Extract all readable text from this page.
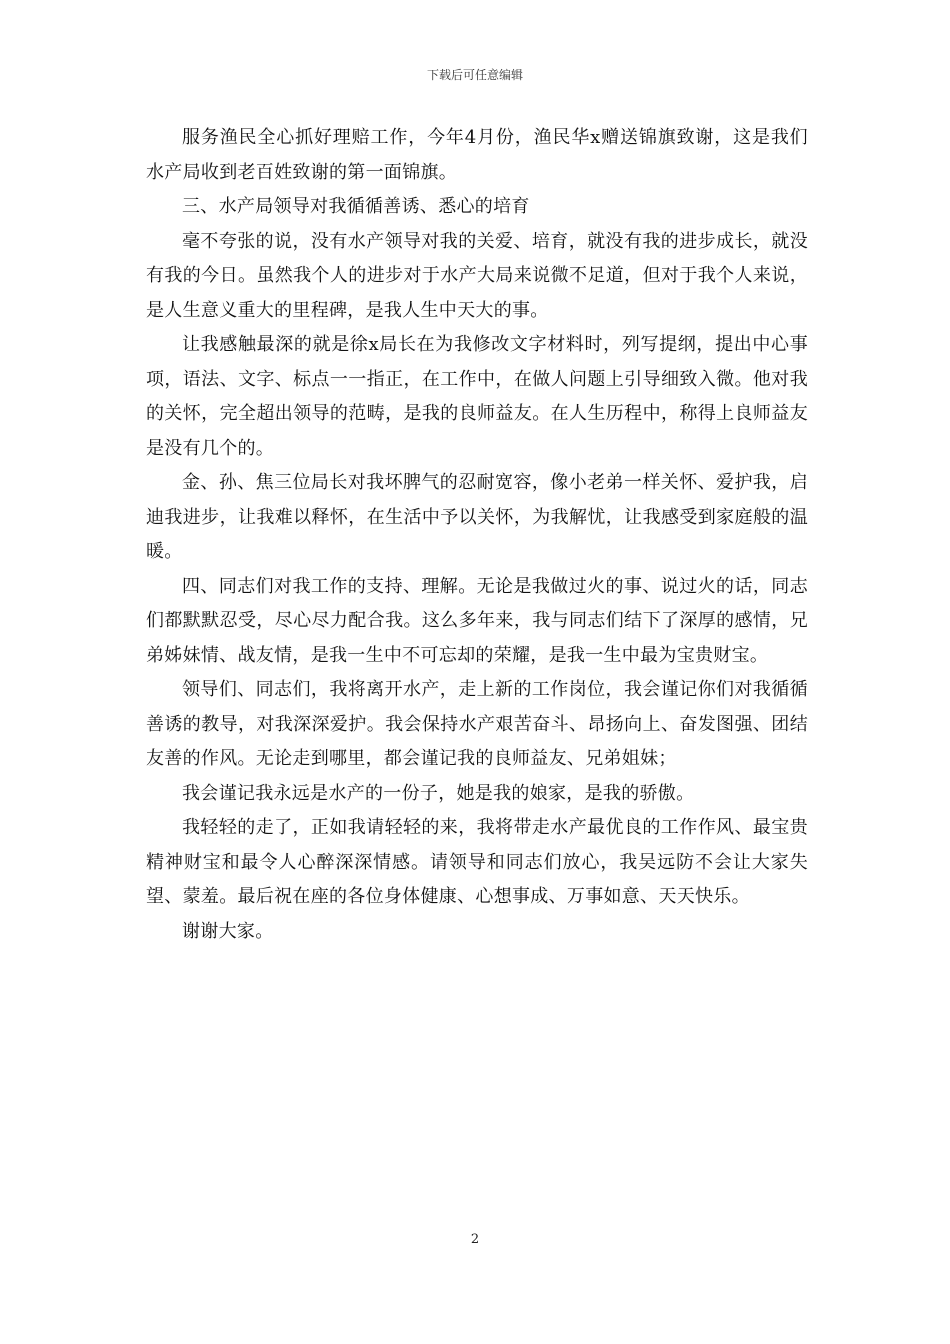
下载后可任意编辑

服务渔民全心抓好理赔工作，今年4月份，渔民华x赠送锦旗致谢，这是我们水产局收到老百姓致谢的第一面锦旗。

三、水产局领导对我循循善诱、悉心的培育

毫不夸张的说，没有水产领导对我的关爱、培育，就没有我的进步成长，就没有我的今日。虽然我个人的进步对于水产大局来说微不足道，但对于我个人来说，是人生意义重大的里程碑，是我人生中天大的事。

让我感触最深的就是徐x局长在为我修改文字材料时，列写提纲，提出中心事项，语法、文字、标点一一指正，在工作中，在做人问题上引导细致入微。他对我的关怀，完全超出领导的范畴，是我的良师益友。在人生历程中，称得上良师益友是没有几个的。

金、孙、焦三位局长对我坏脾气的忍耐宽容，像小老弟一样关怀、爱护我，启迪我进步，让我难以释怀，在生活中予以关怀，为我解忧，让我感受到家庭般的温暖。

四、同志们对我工作的支持、理解。无论是我做过火的事、说过火的话，同志们都默默忍受，尽心尽力配合我。这么多年来，我与同志们结下了深厚的感情，兄弟姊妹情、战友情，是我一生中不可忘却的荣耀，是我一生中最为宝贵财宝。

领导们、同志们，我将离开水产，走上新的工作岗位，我会谨记你们对我循循善诱的教导，对我深深爱护。我会保持水产艰苦奋斗、昂扬向上、奋发图强、团结友善的作风。无论走到哪里，都会谨记我的良师益友、兄弟姐妹；

我会谨记我永远是水产的一份子，她是我的娘家，是我的骄傲。

我轻轻的走了，正如我请轻轻的来，我将带走水产最优良的工作作风、最宝贵精神财宝和最令人心醉深深情感。请领导和同志们放心，我吴远防不会让大家失望、蒙羞。最后祝在座的各位身体健康、心想事成、万事如意、天天快乐。

谢谢大家。

2
